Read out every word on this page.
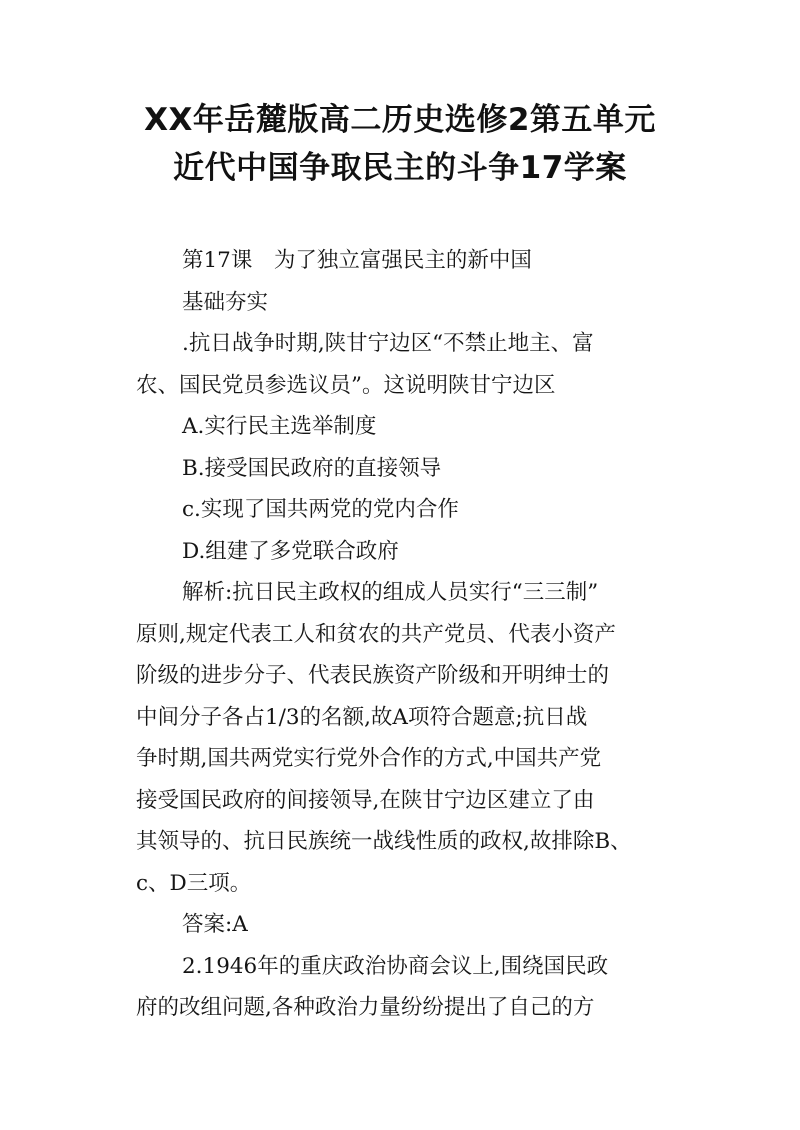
XX年岳麓版高二历史选修2第五单元
近代中国争取民主的斗争17学案
第17课　为了独立富强民主的新中国
基础夯实
.抗日战争时期,陕甘宁边区“不禁止地主、富
农、国民党员参选议员”。这说明陕甘宁边区
A.实行民主选举制度
B.接受国民政府的直接领导
c.实现了国共两党的党内合作
D.组建了多党联合政府
解析:抗日民主政权的组成人员实行“三三制”
原则,规定代表工人和贫农的共产党员、代表小资产
阶级的进步分子、代表民族资产阶级和开明绅士的
中间分子各占1/3的名额,故A项符合题意;抗日战
争时期,国共两党实行党外合作的方式,中国共产党
接受国民政府的间接领导,在陕甘宁边区建立了由
其领导的、抗日民族统一战线性质的政权,故排除B、
c、D三项。
答案:A
2.1946年的重庆政治协商会议上,围绕国民政
府的改组问题,各种政治力量纷纷提出了自己的方
